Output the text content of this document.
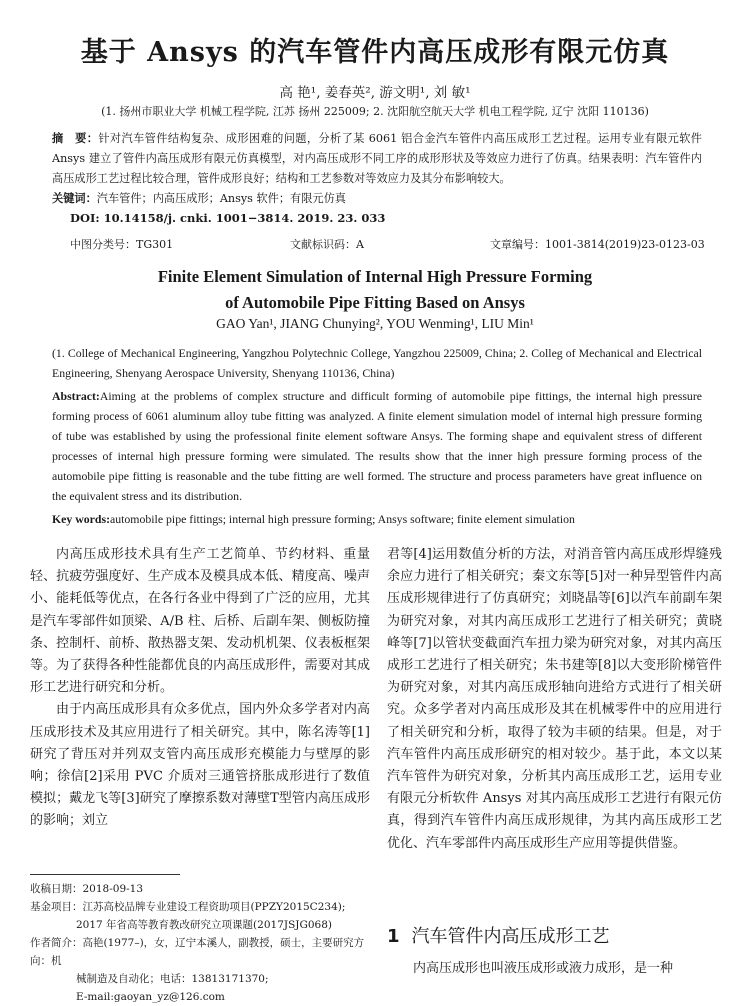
基于 Ansys 的汽车管件内高压成形有限元仿真
高 艳¹, 姜春英², 游文明¹, 刘 敏¹
(1. 扬州市职业大学 机械工程学院, 江苏 扬州 225009; 2. 沈阳航空航天大学 机电工程学院, 辽宁 沈阳 110136)

摘　要：针对汽车管件结构复杂、成形困难的问题，分析了某 6061 铝合金汽车管件内高压成形工艺过程。运用专业有限元软件 Ansys 建立了管件内高压成形有限元仿真模型，对内高压成形不同工序的成形形状及等效应力进行了仿真。结果表明：汽车管件内高压成形工艺过程比较合理，管件成形良好；结构和工艺参数对等效应力及其分布影响较大。

关键词：汽车管件；内高压成形；Ansys 软件；有限元仿真

DOI: 10.14158/j. cnki. 1001−3814. 2019. 23. 033
中图分类号：TG301	文献标识码：A	文章编号：1001-3814(2019)23-0123-03
Finite Element Simulation of Internal High Pressure Forming
of Automobile Pipe Fitting Based on Ansys
GAO Yan¹, JIANG Chunying², YOU Wenming¹, LIU Min¹
(1. College of Mechanical Engineering, Yangzhou Polytechnic College, Yangzhou 225009, China; 2. Colleg of Mechanical and Electrical Engineering, Shenyang Aerospace University, Shenyang 110136, China)

Abstract:Aiming at the problems of complex structure and difficult forming of automobile pipe fittings, the internal high pressure forming process of 6061 aluminum alloy tube fitting was analyzed. A finite element simulation model of internal high pressure forming of tube was established by using the professional finite element software Ansys. The forming shape and equivalent stress of different processes of internal high pressure forming were simulated. The results show that the inner high pressure forming process of the automobile pipe fitting is reasonable and the tube fitting are well formed. The structure and process parameters have great influence on the equivalent stress and its distribution.

Key words:automobile pipe fittings; internal high pressure forming; Ansys software; finite element simulation

内高压成形技术具有生产工艺简单、节约材料、重量轻、抗疲劳强度好、生产成本及模具成本低、精度高、噪声小、能耗低等优点，在各行各业中得到了广泛的应用，尤其是汽车零部件如顶梁、A/B 柱、后桥、后副车架、侧板防撞条、控制杆、前桥、散热器支架、发动机机架、仪表板框架等。为了获得各种性能都优良的内高压成形件，需要对其成形工艺进行研究和分析。

由于内高压成形具有众多优点，国内外众多学者对内高压成形技术及其应用进行了相关研究。其中，陈名涛等[1]研究了背压对并列双支管内高压成形充模能力与壁厚的影响；徐信[2]采用 PVC 介质对三通管挤胀成形进行了数值模拟；戴龙飞等[3]研究了摩擦系数对薄壁T型管内高压成形的影响；刘立

君等[4]运用数值分析的方法，对消音管内高压成形焊缝残余应力进行了相关研究；秦文东等[5]对一种异型管件内高压成形规律进行了仿真研究；刘晓晶等[6]以汽车前副车架为研究对象，对其内高压成形工艺进行了相关研究；黄晓峰等[7]以管状变截面汽车扭力梁为研究对象，对其内高压成形工艺进行了相关研究；朱书建等[8]以大变形阶梯管件为研究对象，对其内高压成形轴向进给方式进行了相关研究。众多学者对内高压成形及其在机械零件中的应用进行了相关研究和分析，取得了较为丰硕的结果。但是，对于汽车管件内高压成形研究的相对较少。基于此，本文以某汽车管件为研究对象，分析其内高压成形工艺，运用专业有限元分析软件 Ansys 对其内高压成形工艺进行有限元仿真，得到汽车管件内高压成形规律，为其内高压成形工艺优化、汽车零部件内高压成形生产应用等提供借鉴。

收稿日期：2018-09-13
基金项目：江苏高校品牌专业建设工程资助项目(PPZY2015C234);
2017 年省高等教育教改研究立项课题(2017JSJG068)
作者简介：高艳(1977–)，女，辽宁本溪人，副教授，硕士，主要研究方向：机
械制造及自动化；电话：13813171370;
E-mail:gaoyan_yz@126.com
1 汽车管件内高压成形工艺

内高压成形也叫液压成形或液力成形，是一种
